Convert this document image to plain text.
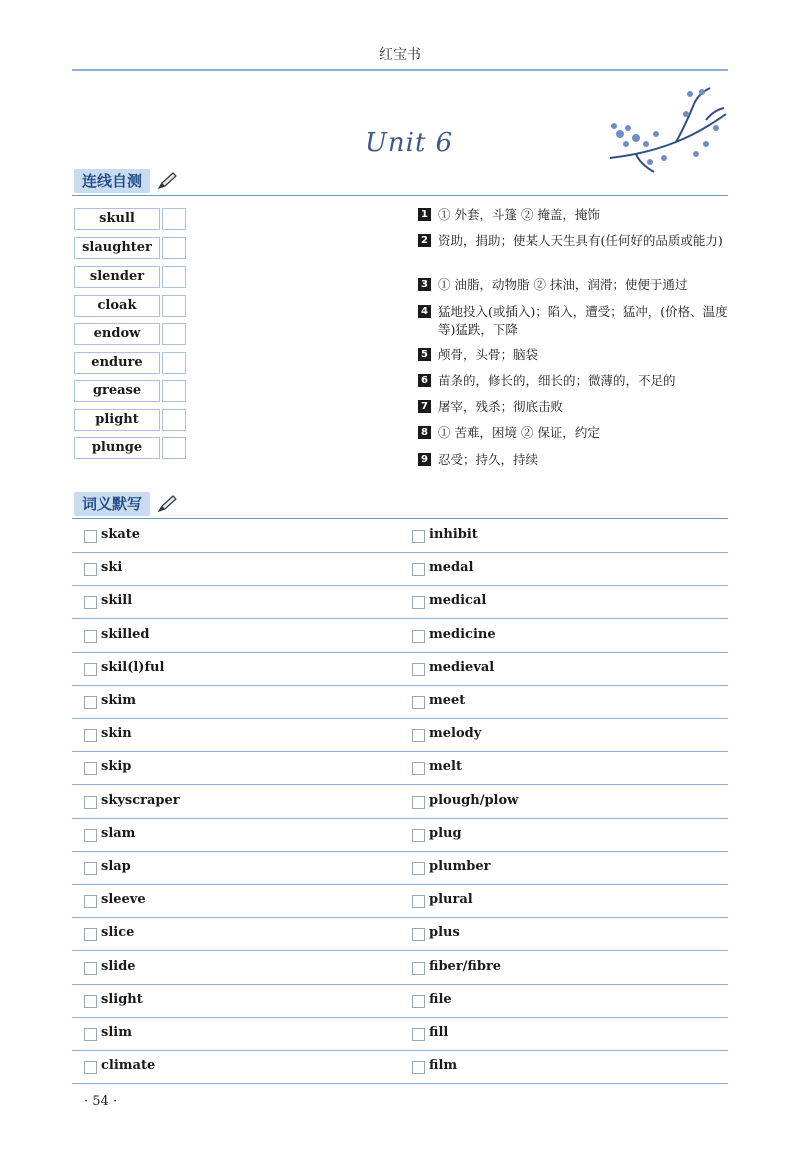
红宝书
Unit 6
连线自测
skull
slaughter
slender
cloak
endow
endure
grease
plight
plunge
1 ① 外套，斗篷 ② 掩盖，掩饰
2 资助，捐助；使某人天生具有(任何好的品质或能力)
3 ① 油脂，动物脂 ② 抹油，润滑；使便于通过
4 猛地投入(或插入)；陷入，遭受；猛冲，(价格、温度等)猛跌，下降
5 颅骨，头骨；脑袋
6 苗条的，修长的，细长的；微薄的，不足的
7 屠宰，残杀；彻底击败
8 ① 苦难，困境 ② 保证，约定
9 忍受；持久，持续
词义默写
skate	inhibit
ski	medal
skill	medical
skilled	medicine
skil(l)ful	medieval
skim	meet
skin	melody
skip	melt
skyscraper	plough/plow
slam	plug
slap	plumber
sleeve	plural
slice	plus
slide	fiber/fibre
slight	file
slim	fill
climate	film
· 54 ·
